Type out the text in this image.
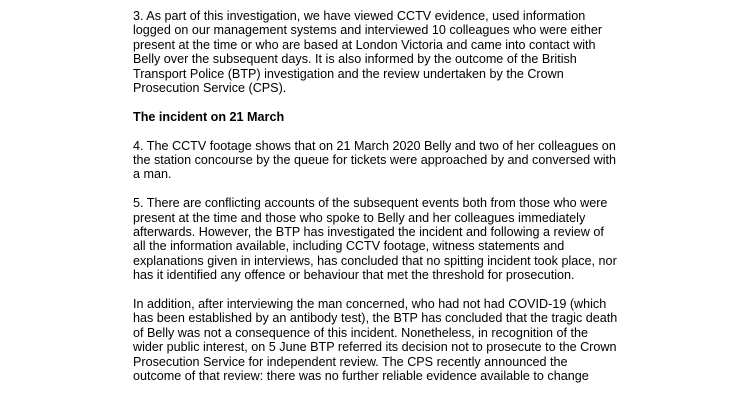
3. As part of this investigation, we have viewed CCTV evidence, used information
logged on our management systems and interviewed 10 colleagues who were either
present at the time or who are based at London Victoria and came into contact with
Belly over the subsequent days. It is also informed by the outcome of the British
Transport Police (BTP) investigation and the review undertaken by the Crown
Prosecution Service (CPS).
The incident on 21 March
4. The CCTV footage shows that on 21 March 2020 Belly and two of her colleagues on
the station concourse by the queue for tickets were approached by and conversed with
a man.
5. There are conflicting accounts of the subsequent events both from those who were
present at the time and those who spoke to Belly and her colleagues immediately
afterwards. However, the BTP has investigated the incident and following a review of
all the information available, including CCTV footage, witness statements and
explanations given in interviews, has concluded that no spitting incident took place, nor
has it identified any offence or behaviour that met the threshold for prosecution.
In addition, after interviewing the man concerned, who had not had COVID-19 (which
has been established by an antibody test), the BTP has concluded that the tragic death
of Belly was not a consequence of this incident. Nonetheless, in recognition of the
wider public interest, on 5 June BTP referred its decision not to prosecute to the Crown
Prosecution Service for independent review. The CPS recently announced the
outcome of that review: there was no further reliable evidence available to change
